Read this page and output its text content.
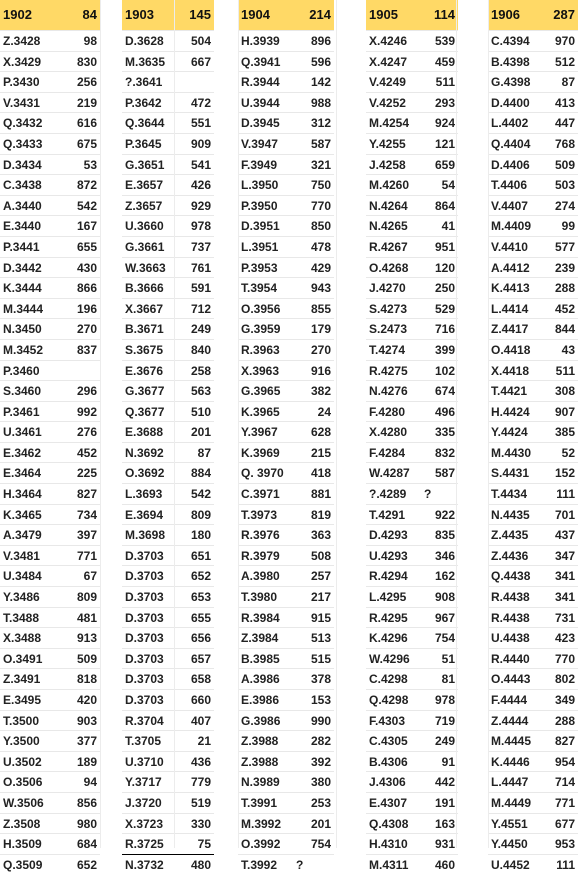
1902	84
Z.3428	98
X.3429	830
P.3430	256
V.3431	219
Q.3432	616
Q.3433	675
D.3434	53
C.3438	872
A.3440	542
E.3440	167
P.3441	655
D.3442	430
K.3444	866
M.3444	196
N.3450	270
M.3452	837
P.3460
S.3460	296
P.3461	992
U.3461	276
E.3462	452
E.3464	225
H.3464	827
K.3465	734
A.3479	397
V.3481	771
U.3484	67
Y.3486	809
T.3488	481
X.3488	913
O.3491	509
Z.3491	818
E.3495	420
T.3500	903
Y.3500	377
U.3502	189
O.3506	94
W.3506	856
Z.3508	980
H.3509	684
Q.3509	652
1903	145
D.3628 504
M.3635 667
?.3641
P.3642 472
Q.3644 551
P.3645 909
G.3651 541
E.3657 426
Z.3657 929
U.3660 978
G.3661 737
W.3663 761
B.3666 591
X.3667 712
B.3671 249
S.3675 840
E.3676 258
G.3677 563
Q.3677 510
E.3688 201
N.3692	87
O.3692 884
L.3693 542
E.3694 809
M.3698 180
D.3703 651
D.3703 652
D.3703 653
D.3703 655
D.3703 656
D.3703 657
D.3703 658
D.3703 660
R.3704 407
T.3705	21
U.3710 436
Y.3717 779
J.3720 519
X.3723 330
R.3725	75
N.3732 480
1904	214
H.3939	896
Q.3941	596
R.3944	142
U.3944	988
D.3945	312
V.3947	587
F.3949	321
L.3950	750
P.3950	770
D.3951	850
L.3951	478
P.3953	429
T.3954	943
O.3956	855
G.3959	179
R.3963	270
X.3963	916
G.3965	382
K.3965	24
Y.3967	628
K.3969	215
Q. 3970 418
C.3971	881
T.3973	819
R.3976	363
R.3979	508
A.3980	257
T.3980	217
R.3984	915
Z.3984	513
B.3985	515
A.3986	378
E.3986	153
G.3986	990
Z.3988	282
Z.3988	392
N.3989	380
T.3991	253
M.3992 201
O.3992	754
T.3992 ?
1905	114
X.4246 539
X.4247 459
V.4249 511
V.4252 293
M.4254 924
Y.4255 121
J.4258 659
M.4260	54
N.4264 864
N.4265	41
R.4267 951
O.4268 120
J.4270 250
S.4273 529
S.2473 716
T.4274 399
R.4275 102
N.4276 674
F.4280 496
X.4280 335
F.4284 832
W.4287 587
?.4289 ?
T.4291 922
D.4293 835
U.4293 346
R.4294 162
L.4295 908
R.4295 967
K.4296 754
W.4296	51
C.4298	81
Q.4298 978
F.4303 719
C.4305 249
B.4306	91
J.4306 442
E.4307 191
Q.4308 163
H.4310 931
M.4311 460
1906	287
C.4394 970
B.4398 512
G.4398	87
D.4400 413
L.4402 447
Q.4404 768
D.4406 509
T.4406 503
V.4407 274
M.4409	99
V.4410 577
A.4412 239
K.4413 288
L.4414 452
Z.4417 844
O.4418	43
X.4418 511
T.4421 308
H.4424 907
Y.4424 385
M.4430	52
S.4431 152
T.4434 111
N.4435 701
Z.4435 437
Z.4436 347
Q.4438 341
R.4438 341
R.4438 731
U.4438 423
R.4440 770
O.4443 802
F.4444 349
Z.4444 288
M.4445 827
K.4446 954
L.4447 714
M.4449 771
Y.4551 677
Y.4450 953
U.4452 111
